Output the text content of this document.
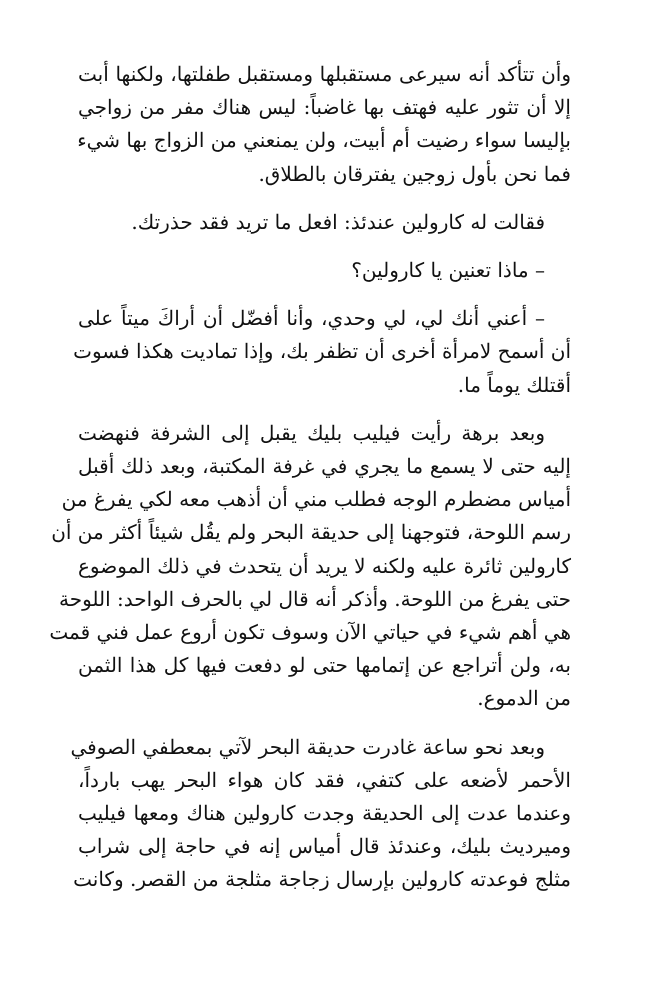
وأن تتأكد أنه سيرعى مستقبلها ومستقبل طفلتها، ولكنها أبت
إلا أن تثور عليه فهتف بها غاضباً: ليس هناك مفر من زواجي
بإليسا سواء رضيت أم أبيت، ولن يمنعني من الزواج بها شيء
فما نحن بأول زوجين يفترقان بالطلاق.

فقالت له كارولين عندئذ: افعل ما تريد فقد حذرتك.

– ماذا تعنين يا كارولين؟

– أعني أنك لي، لي وحدي، وأنا أفضّل أن أراكَ ميتاً على
أن أسمح لامرأة أخرى أن تظفر بك، وإذا تماديت هكذا فسوت
أقتلك يوماً ما.

وبعد برهة رأيت فيليب بليك يقبل إلى الشرفة فنهضت
إليه حتى لا يسمع ما يجري في غرفة المكتبة، وبعد ذلك أقبل
أمياس مضطرم الوجه فطلب مني أن أذهب معه لكي يفرغ من
رسم اللوحة، فتوجهنا إلى حديقة البحر ولم يقُل شيئاً أكثر من أن
كارولين ثائرة عليه ولكنه لا يريد أن يتحدث في ذلك الموضوع
حتى يفرغ من اللوحة. وأذكر أنه قال لي بالحرف الواحد: اللوحة
هي أهم شيء في حياتي الآن وسوف تكون أروع عمل فني قمت
به، ولن أتراجع عن إتمامها حتى لو دفعت فيها كل هذا الثمن
من الدموع.

وبعد نحو ساعة غادرت حديقة البحر لآتي بمعطفي الصوفي
الأحمر لأضعه على كتفي، فقد كان هواء البحر يهب بارداً،
وعندما عدت إلى الحديقة وجدت كارولين هناك ومعها فيليب
وميرديث بليك، وعندئذ قال أمياس إنه في حاجة إلى شراب
مثلج فوعدته كارولين بإرسال زجاجة مثلجة من القصر. وكانت
